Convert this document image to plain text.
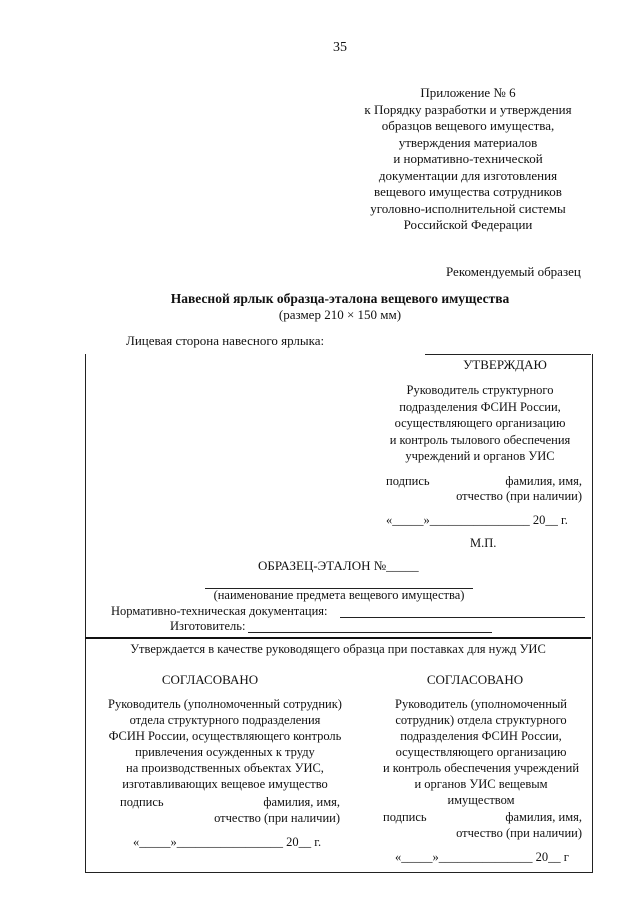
35
Приложение № 6
к Порядку разработки и утверждения
образцов вещевого имущества,
утверждения материалов
и нормативно-технической
документации для изготовления
вещевого имущества сотрудников
уголовно-исполнительной системы
Российской Федерации
Рекомендуемый образец
Навесной ярлык образца-эталона вещевого имущества
(размер 210 × 150 мм)
Лицевая сторона навесного ярлыка:
УТВЕРЖДАЮ
Руководитель структурного
подразделения ФСИН России,
осуществляющего организацию
и контроль тылового обеспечения
учреждений и органов УИС
подпись	фамилия, имя,
отчество (при наличии)
«_____»________________ 20__ г.
М.П.
ОБРАЗЕЦ-ЭТАЛОН №_____
(наименование предмета вещевого имущества)
Нормативно-техническая документация:
Изготовитель:
Утверждается в качестве руководящего образца при поставках для нужд УИС
СОГЛАСОВАНО	СОГЛАСОВАНО
Руководитель (уполномоченный сотрудник)
отдела структурного подразделения
ФСИН России, осуществляющего контроль
привлечения осужденных к труду
на производственных объектах УИС,
изготавливающих вещевое имущество
Руководитель (уполномоченный
сотрудник) отдела структурного
подразделения ФСИН России,
осуществляющего организацию
и контроль обеспечения учреждений
и органов УИС вещевым
имуществом
подпись	фамилия, имя,
отчество (при наличии)
«_____»_________________ 20__ г.
подпись	фамилия, имя,
отчество (при наличии)
«_____»_______________ 20__ г
